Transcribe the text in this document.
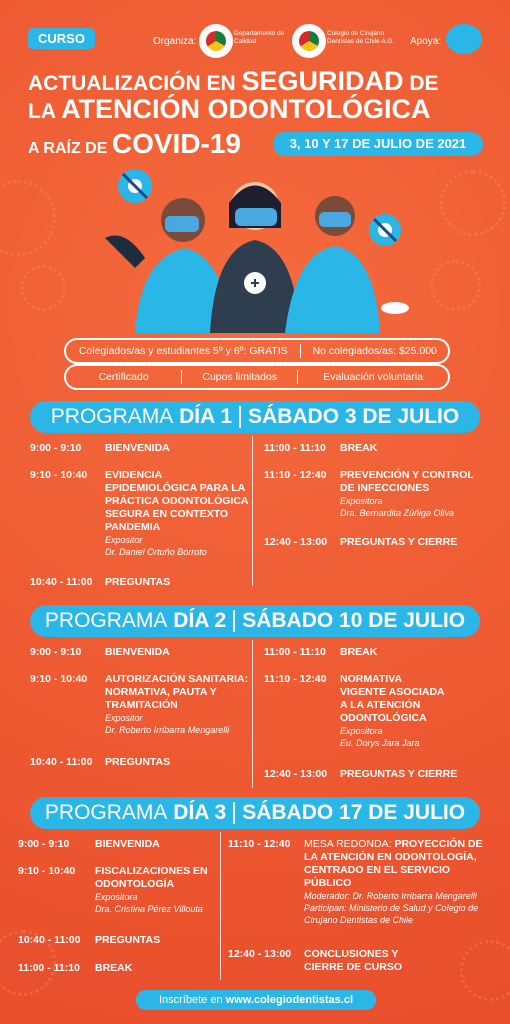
CURSO	Organiza:
Departamento de Calidad
Colegio de Cirujano Dentistas de Chile A.G.	Apoya:
ACTUALIZACIÓN EN SEGURIDAD DE
LA ATENCIÓN ODONTOLÓGICA
A RAÍZ DE COVID-19	3, 10 Y 17 DE JULIO DE 2021
Colegiados/as y estudiantes 5º y 6º: GRATIS	No colegiados/as: $25.000
Certificado	Cupos limitados	Evaluación voluntaria
PROGRAMA
DÍA 1 SÁBADO 3 DE JULIO
9:00 - 9:10 BIENVENIDA
9:10 - 10:40 EVIDENCIA EPIDEMIOLÓGICA PARA LA PRÁCTICA ODONTOLÓGICA SEGURA EN CONTEXTO PANDEMIA
Expositor
Dr. Daniel Ortuño Borroto
10:40 - 11:00 PREGUNTAS
11:00 - 11:10 BREAK
11:10 - 12:40 PREVENCIÓN Y CONTROL DE INFECCIONES
Expositora
Dra. Bernardita Zúñiga Oliva
12:40 - 13:00 PREGUNTAS Y CIERRE
PROGRAMA
DÍA 2 SÁBADO 10 DE JULIO
9:00 - 9:10 BIENVENIDA
9:10 - 10:40 AUTORIZACIÓN SANITARIA: NORMATIVA, PAUTA Y TRAMITACIÓN
Expositor
Dr. Roberto Irribarra Mengarelli
10:40 - 11:00 PREGUNTAS
11:00 - 11:10 BREAK
11:10 - 12:40 NORMATIVA VIGENTE ASOCIADA A LA ATENCIÓN ODONTOLÓGICA
Expositora
Eu. Dorys Jara Jara
12:40 - 13:00 PREGUNTAS Y CIERRE
PROGRAMA
DÍA 3 SÁBADO 17 DE JULIO
9:00 - 9:10 BIENVENIDA
9:10 - 10:40 FISCALIZACIONES EN ODONTOLOGÍA
Expositora
Dra. Cristina Pérez Villouta
10:40 - 11:00 PREGUNTAS
11:00 - 11:10 BREAK
11:10 - 12:40 MESA REDONDA: PROYECCIÓN DE LA ATENCIÓN EN ODONTOLOGÍA, CENTRADO EN EL SERVICIO PÚBLICO
Moderador: Dr. Roberto Irribarra Mengarelli
Participan: Ministerio de Salud y Colegio de Cirujano Dentistas de Chile
12:40 - 13:00 CONCLUSIONES Y CIERRE DE CURSO
Inscríbete en www.colegiodentistas.cl
